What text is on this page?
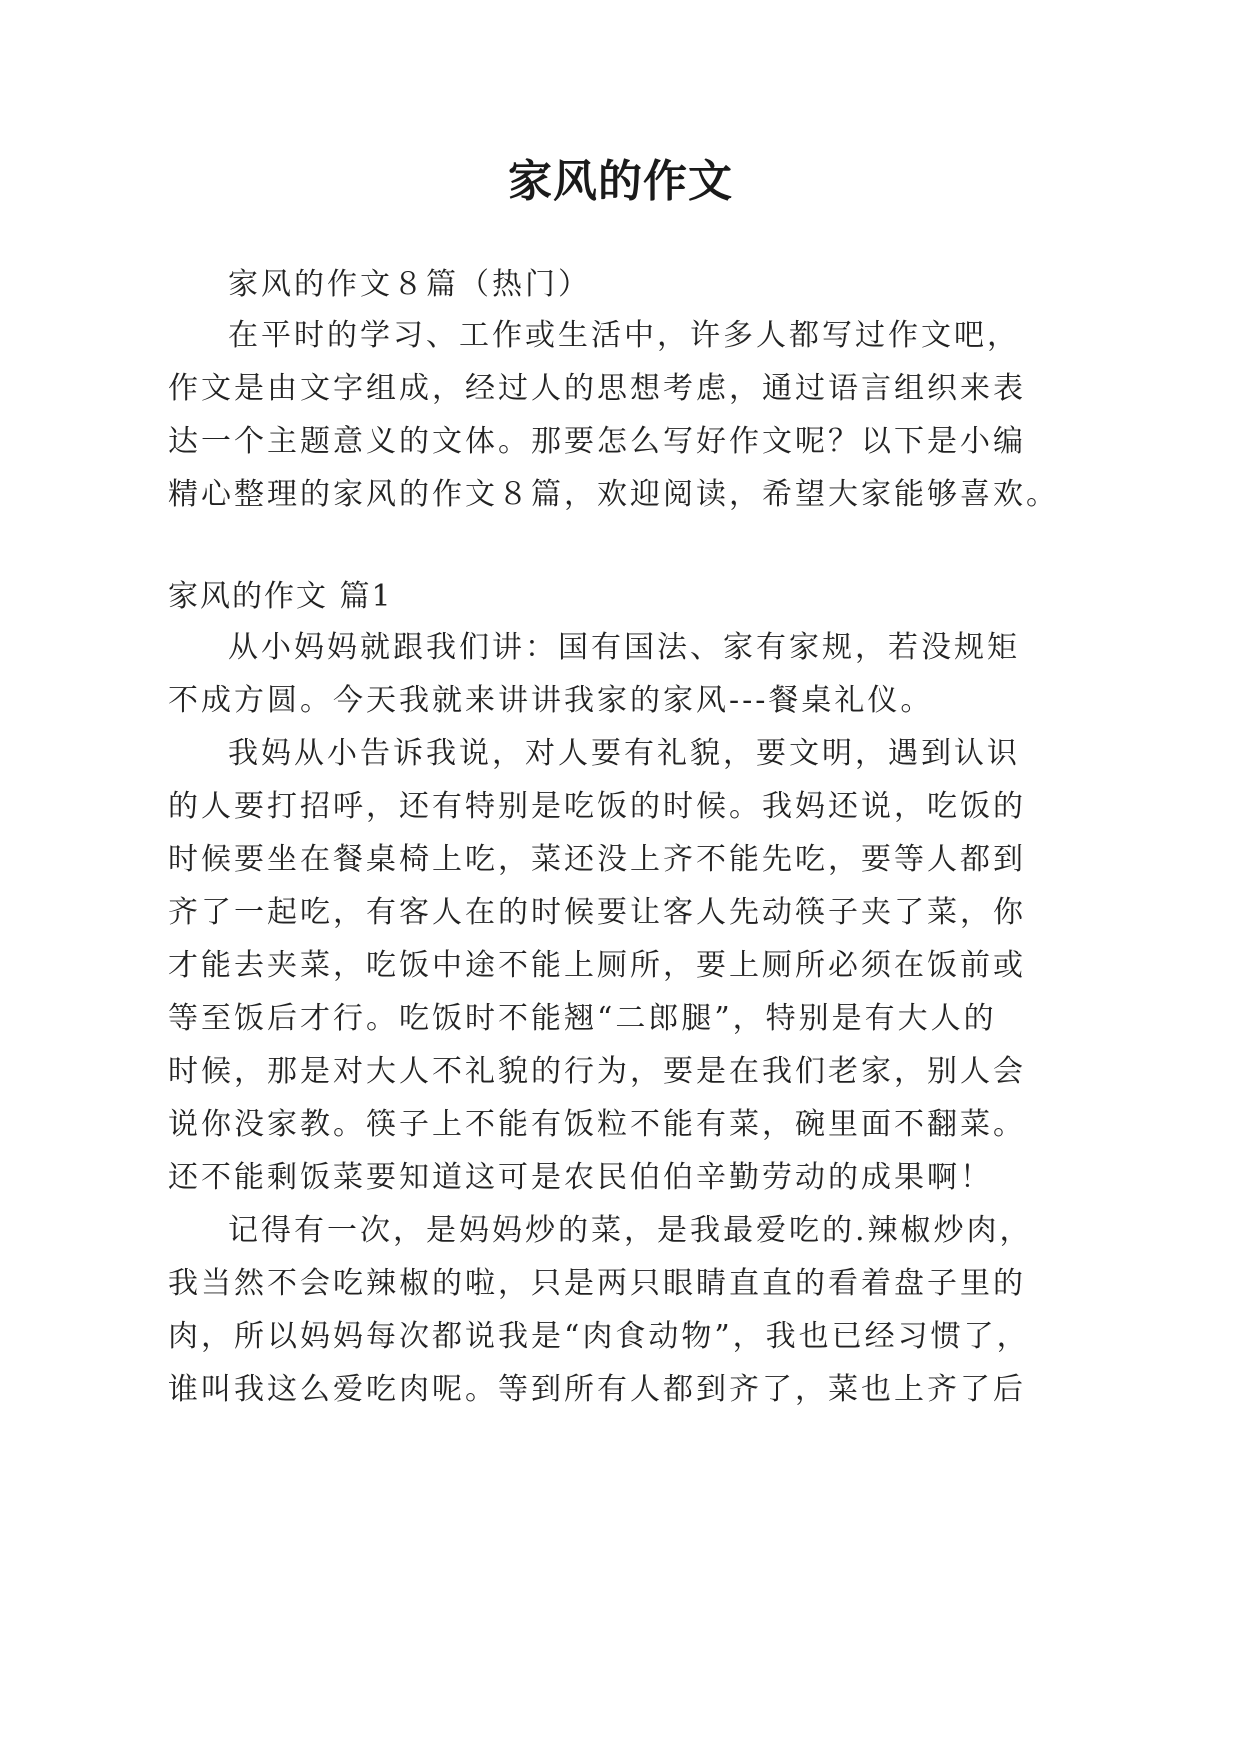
家风的作文
家风的作文８篇（热门）
在平时的学习、工作或生活中，许多人都写过作文吧，
作文是由文字组成，经过人的思想考虑，通过语言组织来表
达一个主题意义的文体。那要怎么写好作文呢？以下是小编
精心整理的家风的作文８篇，欢迎阅读，希望大家能够喜欢。
家风的作文 篇1
从小妈妈就跟我们讲：国有国法、家有家规，若没规矩
不成方圆。今天我就来讲讲我家的家风---餐桌礼仪。
我妈从小告诉我说，对人要有礼貌，要文明，遇到认识
的人要打招呼，还有特别是吃饭的时候。我妈还说，吃饭的
时候要坐在餐桌椅上吃，菜还没上齐不能先吃，要等人都到
齐了一起吃，有客人在的时候要让客人先动筷子夹了菜，你
才能去夹菜，吃饭中途不能上厕所，要上厕所必须在饭前或
等至饭后才行。吃饭时不能翘“二郎腿”，特别是有大人的
时候，那是对大人不礼貌的行为，要是在我们老家，别人会
说你没家教。筷子上不能有饭粒不能有菜，碗里面不翻菜。
还不能剩饭菜要知道这可是农民伯伯辛勤劳动的成果啊！
记得有一次，是妈妈炒的菜，是我最爱吃的.辣椒炒肉，
我当然不会吃辣椒的啦，只是两只眼睛直直的看着盘子里的
肉，所以妈妈每次都说我是“肉食动物”，我也已经习惯了，
谁叫我这么爱吃肉呢。等到所有人都到齐了，菜也上齐了后
